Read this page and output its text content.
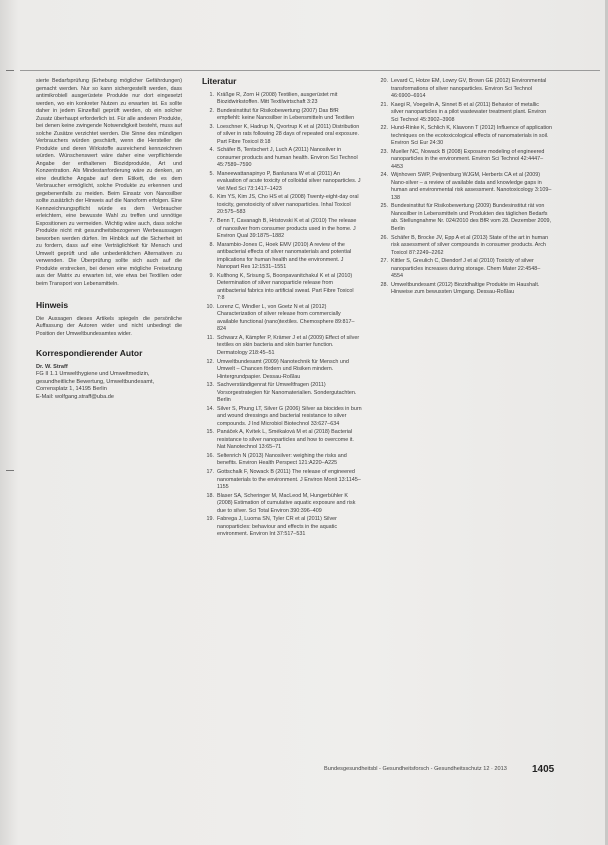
sierte Bedarfsprüfung (Erhebung möglicher Gefährdungen) gemacht werden. Nur so kann sichergestellt werden, dass antimikrobiell ausgerüstete Produkte nur dort eingesetzt werden, wo ein konkreter Nutzen zu erwarten ist. Es sollte daher in jedem Einzelfall geprüft werden, ob ein solcher Zusatz überhaupt erforderlich ist. Für alle anderen Produkte, bei denen keine zwingende Notwendigkeit besteht, muss auf solche Zusätze verzichtet werden. Die Sinne des mündigen Verbrauchers würden geschärft, wenn die Hersteller die Produkte und deren Wirkstoffe ausreichend kennzeichnen würden. Wünschenswert wäre daher eine verpflichtende Angabe der enthaltenen Biozidprodukte, Art und Konzentration. Als Mindestanforderung wäre zu denken, an eine deutliche Angabe auf dem Etikett, die es dem Verbraucher ermöglicht, solche Produkte zu erkennen und gegebenenfalls zu meiden. Beim Einsatz von Nanosilber sollte zusätzlich der Hinweis auf die Nanoform erfolgen. Eine Kennzeichnungspflicht würde es dem Verbraucher erleichtern, eine bewusste Wahl zu treffen und unnötige Expositionen zu vermeiden. Wichtig wäre auch, dass solche Produkte nicht mit gesundheitsbezogenen Werbeaussagen beworben werden dürfen. Im Hinblick auf die Sicherheit ist zu fordern, dass auf eine Verträglichkeit für Mensch und Umwelt geprüft und alle unbedenklichen Alternativen zu verwenden. Die Überprüfung sollte sich auch auf die Produkte erstrecken, bei denen eine mögliche Freisetzung aus der Matrix zu erwarten ist, wie etwa bei Textilien oder beim Transport von Lebensmitteln.

Hinweis

Die Aussagen dieses Artikels spiegeln die persönliche Auffassung der Autoren wider und nicht unbedingt die Position der Umweltbundesamtes wider.

Korrespondierender Autor
Dr. W. Straff
FG II 1.1 Umwelthygiene und Umweltmedizin,
gesundheitliche Bewertung, Umweltbundesamt,
Corrensplatz 1, 14195 Berlin
E-Mail: wolfgang.straff@uba.de
Literatur
1. Kräßge R, Zorn H (2008) Textilien, ausgerüstet mit Biozidwirkstoffen. Mitt Textilwirtschaft 3:23
2. Bundesinstitut für Risikobewertung (2007) Das BfR empfiehlt: keine Nanosilber in Lebensmitteln und Textilien
3. Loeschner K, Hadrup N, Qvortrup K et al (2011) Distribution of silver in rats following 28 days of repeated oral exposure. Part Fibre Toxicol 8:18
4. Schäfer B, Tentschert J, Luch A (2011) Nanosilver in consumer products and human health. Environ Sci Technol 45:7589–7590
5. Maneewattanapinyo P, Banlunara W et al (2011) An evaluation of acute toxicity of colloidal silver nanoparticles. J Vet Med Sci 73:1417–1423
6. Kim YS, Kim JS, Cho HS et al (2008) Twenty-eight-day oral toxicity, genotoxicity of silver nanoparticles. Inhal Toxicol 20:575–583
7. Benn T, Cavanagh B, Hristovski K et al (2010) The release of nanosilver from consumer products used in the home. J Environ Qual 39:1875–1882
8. Marambio-Jones C, Hoek EMV (2010) A review of the antibacterial effects of silver nanomaterials and potential implications for human health and the environment. J Nanopart Res 12:1531–1551
9. Kulthong K, Srisung S, Boonpavanitchakul K et al (2010) Determination of silver nanoparticle release from antibacterial fabrics into artificial sweat. Part Fibre Toxicol 7:8
10. Lorenz C, Windler L, von Goetz N et al (2012) Characterization of silver release from commercially available functional (nano)textiles. Chemosphere 89:817–824
11. Schwarz A, Kämpfer P, Krämer J et al (2009) Effect of silver textiles on skin bacteria and skin barrier function. Dermatology 218:45–51
12. Umweltbundesamt (2009) Nanotechnik für Mensch und Umwelt – Chancen fördern und Risiken mindern. Hintergrundpapier. Dessau-Roßlau
13. Sachverständigenrat für Umweltfragen (2011) Vorsorgestrategien für Nanomaterialien. Sondergutachten. Berlin
14. Silver S, Phung LT, Silver G (2006) Silver as biocides in burn and wound dressings and bacterial resistance to silver compounds. J Ind Microbiol Biotechnol 33:627–634
15. Panáček A, Kvítek L, Smékalová M et al (2018) Bacterial resistance to silver nanoparticles and how to overcome it. Nat Nanotechnol 13:65–71
16. Seltenrich N (2013) Nanosilver: weighing the risks and benefits. Environ Health Perspect 121:A220–A225
17. Gottschalk F, Nowack B (2011) The release of engineered nanomaterials to the environment. J Environ Monit 13:1145–1155
18. Blaser SA, Scheringer M, MacLeod M, Hungerbühler K (2008) Estimation of cumulative aquatic exposure and risk due to silver. Sci Total Environ 390:396–409
19. Fabrega J, Luoma SN, Tyler CR et al (2011) Silver nanoparticles: behaviour and effects in the aquatic environment. Environ Int 37:517–531
20. Levard C, Hotze EM, Lowry GV, Brown GE (2012) Environmental transformations of silver nanoparticles. Environ Sci Technol 46:6900–6914
21. Kaegi R, Voegelin A, Sinnet B et al (2011) Behavior of metallic silver nanoparticles in a pilot wastewater treatment plant. Environ Sci Technol 45:3902–3908
22. Hund-Rinke K, Schlich K, Klawonn T (2012) Influence of application techniques on the ecotoxicological effects of nanomaterials in soil. Environ Sci Eur 24:30
23. Mueller NC, Nowack B (2008) Exposure modeling of engineered nanoparticles in the environment. Environ Sci Technol 42:4447–4453
24. Wijnhoven SWP, Peijnenburg WJGM, Herberts CA et al (2009) Nano-silver – a review of available data and knowledge gaps in human and environmental risk assessment. Nanotoxicology 3:109–138
25. Bundesinstitut für Risikobewertung (2009) Bundesinstitut rät von Nanosilber in Lebensmitteln und Produkten des täglichen Bedarfs ab. Stellungnahme Nr. 024/2010 des BfR vom 28. Dezember 2009, Berlin
26. Schäfer B, Brocke JV, Epp A et al (2013) State of the art in human risk assessment of silver compounds in consumer products. Arch Toxicol 87:2249–2262
27. Kittler S, Greulich C, Diendorf J et al (2010) Toxicity of silver nanoparticles increases during storage. Chem Mater 22:4548–4554
28. Umweltbundesamt (2012) Biozidhaltige Produkte im Haushalt. Hinweise zum bewussten Umgang. Dessau-Roßlau
Bundesgesundheitsbl - Gesundheitsforsch - Gesundheitsschutz 12 · 2013	1405
